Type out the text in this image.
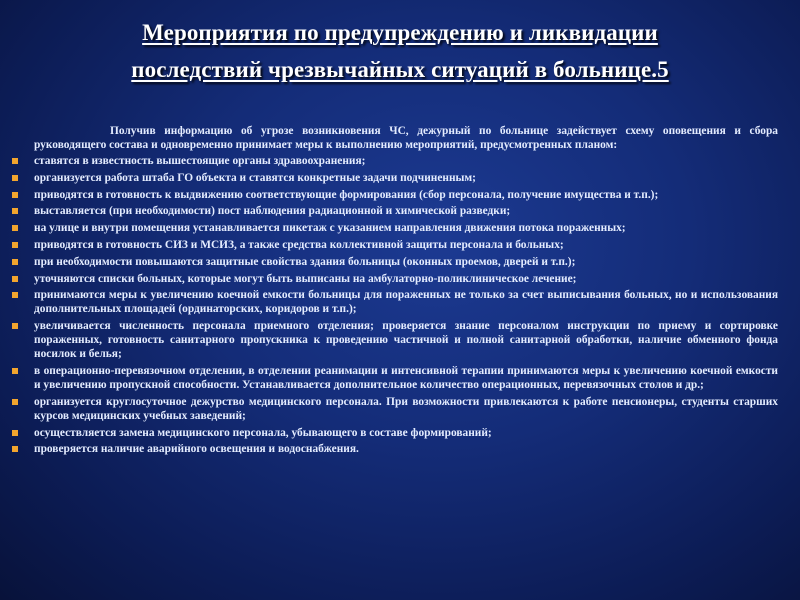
Мероприятия по предупреждению и ликвидации
последствий чрезвычайных ситуаций в больнице.5

Получив информацию об угрозе возникновения ЧС, дежурный по больнице задействует схему оповещения и сбора руководящего состава и одновременно принимает меры к выполнению мероприятий, предусмотренных планом:

ставятся в известность вышестоящие органы здравоохранения;
организуется работа штаба ГО объекта и ставятся конкретные задачи подчиненным;
приводятся в готовность к выдвижению соответствующие формирования (сбор персонала, получение имущества и т.п.);
выставляется (при необходимости) пост наблюдения радиационной и химической разведки;
на улице и внутри помещения устанавливается пикетаж с указанием направления движения потока пораженных;
приводятся в готовность СИЗ и МСИЗ, а также средства коллективной защиты персонала и больных;
при необходимости повышаются защитные свойства здания больницы (оконных проемов, дверей и т.п.);
уточняются списки больных, которые могут быть выписаны на амбулаторно-поликлиническое лечение;
принимаются меры к увеличению коечной емкости больницы для пораженных не только за счет выписывания больных, но и использования дополнительных площадей (ординаторских, коридоров и т.п.);
увеличивается численность персонала приемного отделения; проверяется знание персоналом инструкции по приему и сортировке пораженных, готовность санитарного пропускника к проведению частичной и полной санитарной обработки, наличие обменного фонда носилок и белья;
в операционно-перевязочном отделении, в отделении реанимации и интенсивной терапии принимаются меры к увеличению коечной емкости и увеличению пропускной способности. Устанавливается дополнительное количество операционных, перевязочных столов и др.;
организуется круглосуточное дежурство медицинского персонала. При возможности привлекаются к работе пенсионеры, студенты старших курсов медицинских учебных заведений;
осуществляется замена медицинского персонала, убывающего в составе формирований;
проверяется наличие аварийного освещения и водоснабжения.
